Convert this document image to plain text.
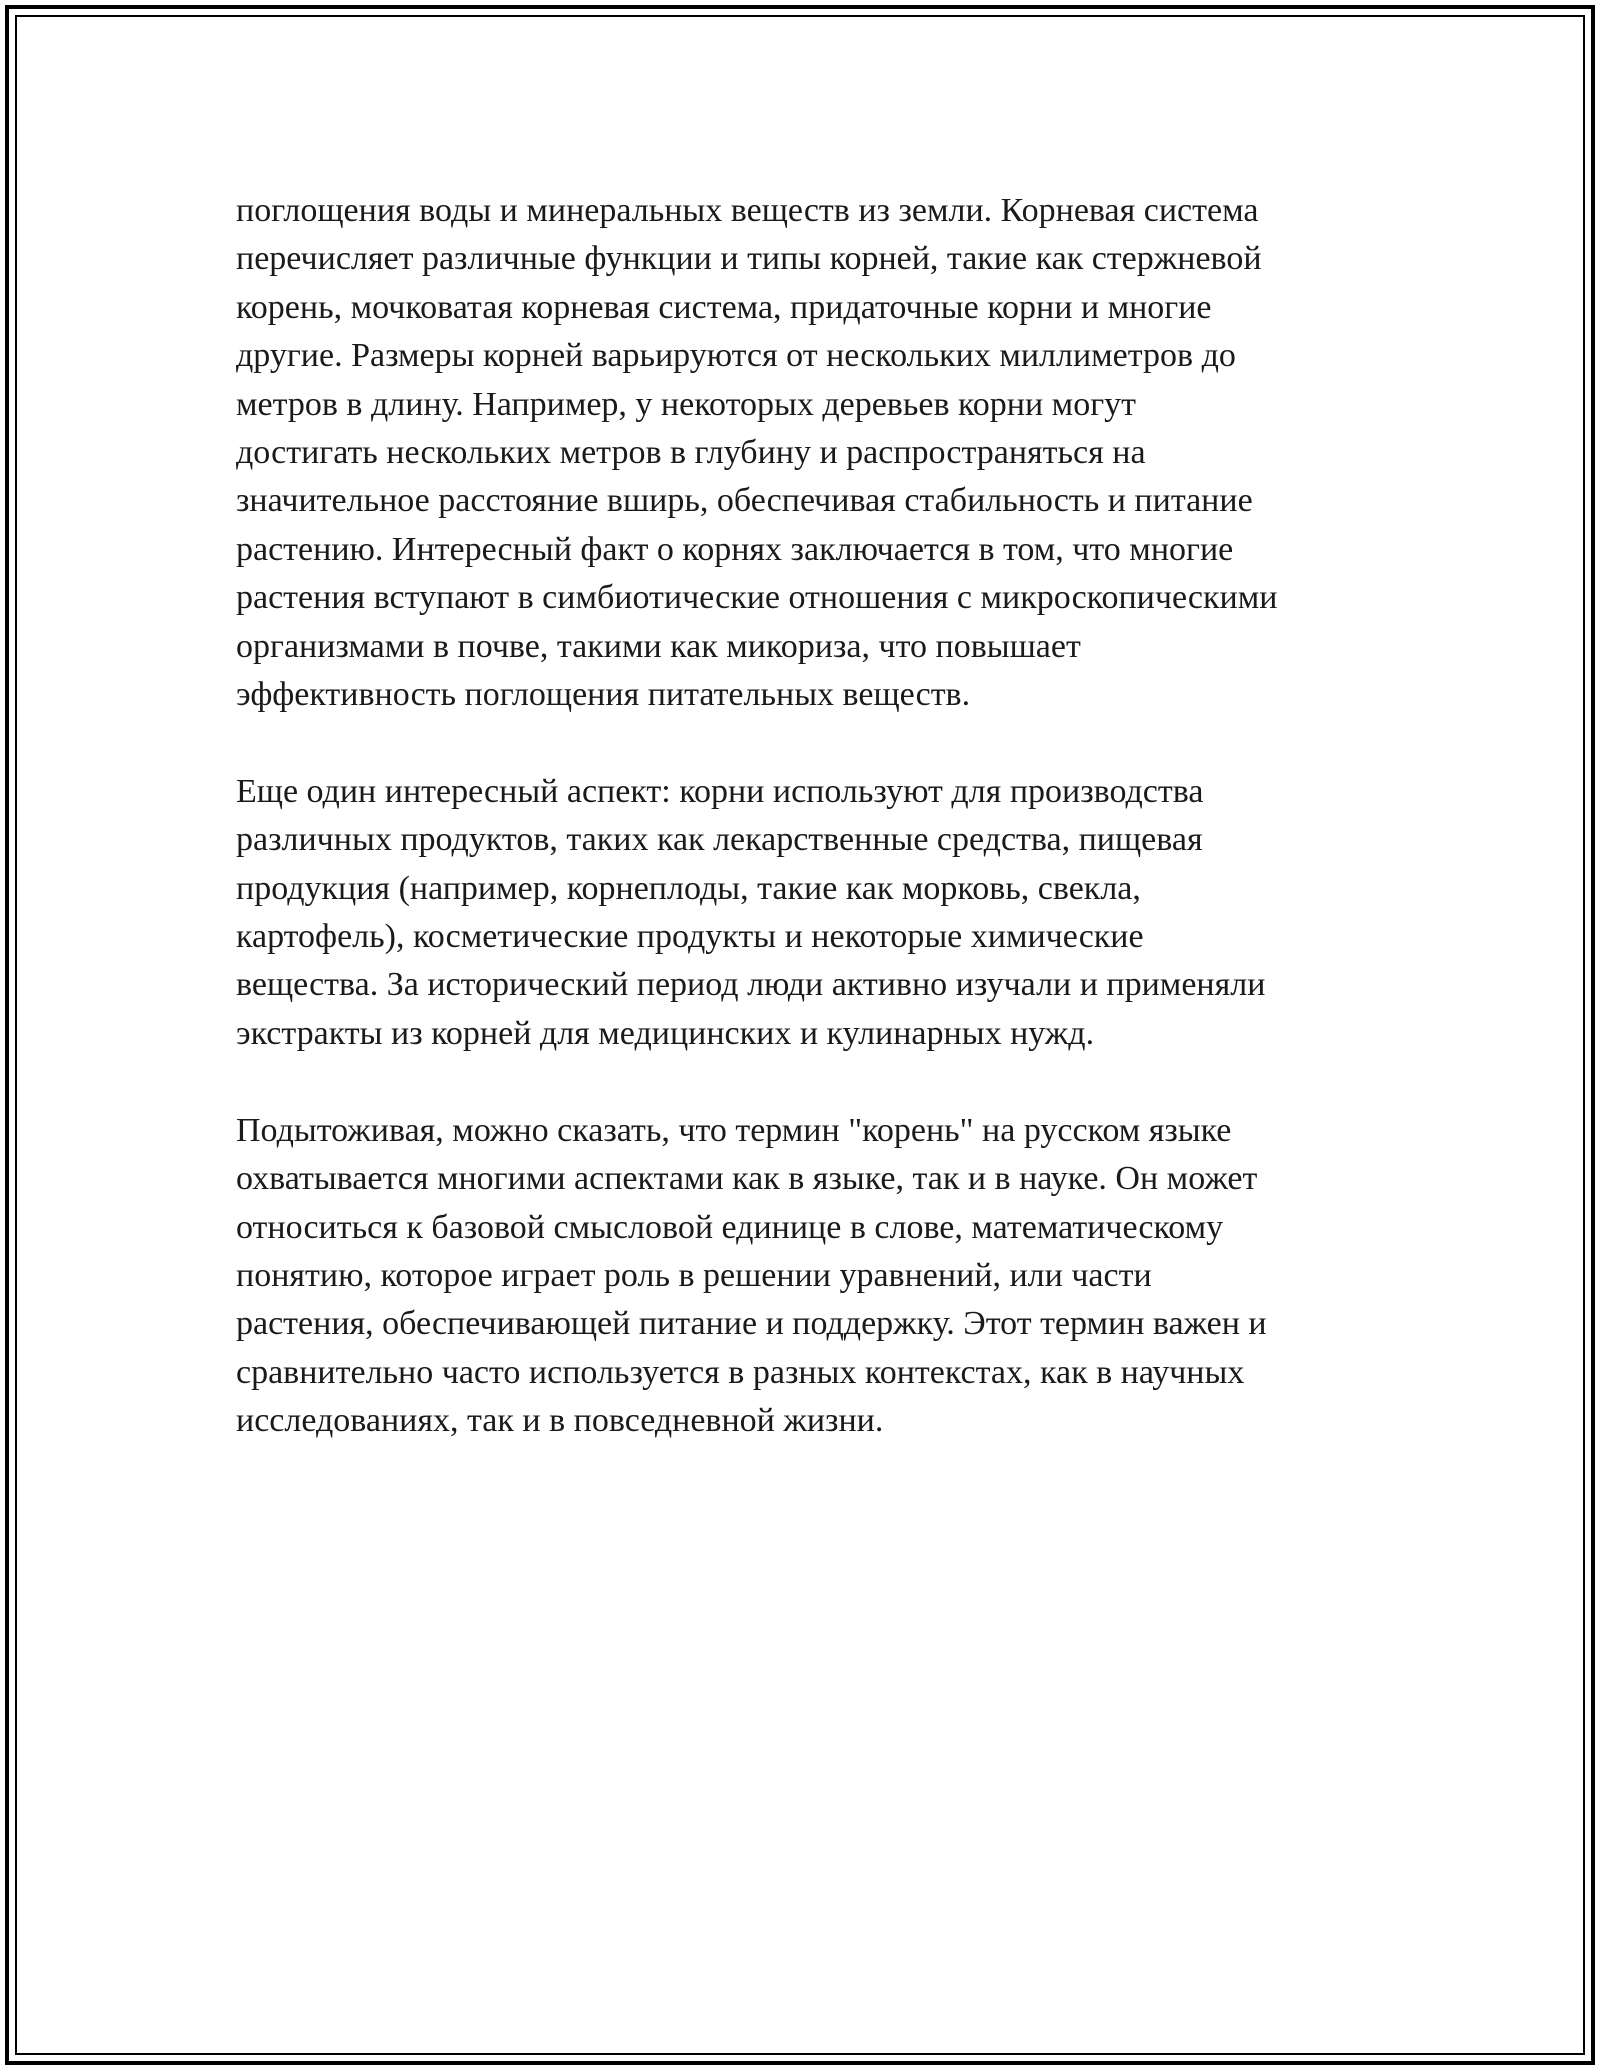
поглощения воды и минеральных веществ из земли. Корневая система
перечисляет различные функции и типы корней, такие как стержневой
корень, мочковатая корневая система, придаточные корни и многие
другие. Размеры корней варьируются от нескольких миллиметров до
метров в длину. Например, у некоторых деревьев корни могут
достигать нескольких метров в глубину и распространяться на
значительное расстояние вширь, обеспечивая стабильность и питание
растению. Интересный факт о корнях заключается в том, что многие
растения вступают в симбиотические отношения с микроскопическими
организмами в почве, такими как микориза, что повышает
эффективность поглощения питательных веществ.

Еще один интересный аспект: корни используют для производства
различных продуктов, таких как лекарственные средства, пищевая
продукция (например, корнеплоды, такие как морковь, свекла,
картофель), косметические продукты и некоторые химические
вещества. За исторический период люди активно изучали и применяли
экстракты из корней для медицинских и кулинарных нужд.

Подытоживая, можно сказать, что термин "корень" на русском языке
охватывается многими аспектами как в языке, так и в науке. Он может
относиться к базовой смысловой единице в слове, математическому
понятию, которое играет роль в решении уравнений, или части
растения, обеспечивающей питание и поддержку. Этот термин важен и
сравнительно часто используется в разных контекстах, как в научных
исследованиях, так и в повседневной жизни.
